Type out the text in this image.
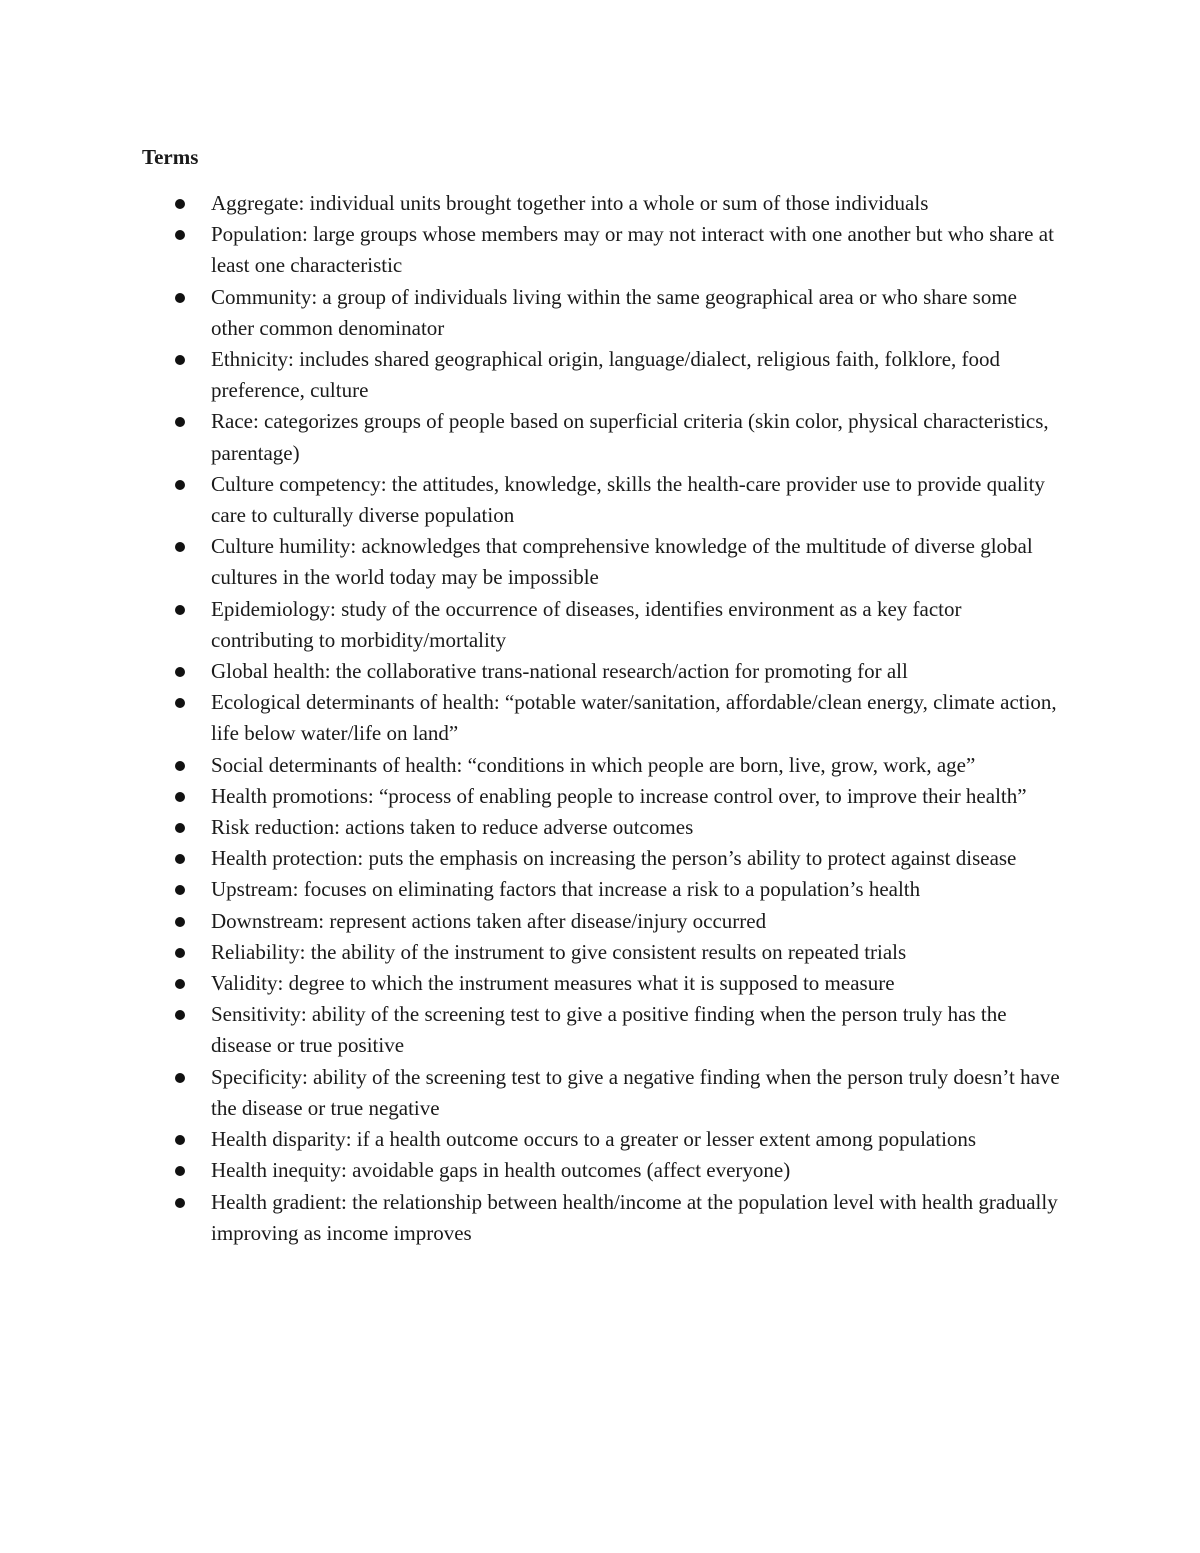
Terms
Aggregate: individual units brought together into a whole or sum of those individuals
Population: large groups whose members may or may not interact with one another but who share at least one characteristic
Community: a group of individuals living within the same geographical area or who share some other common denominator
Ethnicity: includes shared geographical origin, language/dialect, religious faith, folklore, food preference, culture
Race: categorizes groups of people based on superficial criteria (skin color, physical characteristics, parentage)
Culture competency: the attitudes, knowledge, skills the health-care provider use to provide quality care to culturally diverse population
Culture humility: acknowledges that comprehensive knowledge of the multitude of diverse global cultures in the world today may be impossible
Epidemiology: study of the occurrence of diseases, identifies environment as a key factor contributing to morbidity/mortality
Global health: the collaborative trans-national research/action for promoting for all
Ecological determinants of health: “potable water/sanitation, affordable/clean energy, climate action, life below water/life on land”
Social determinants of health: “conditions in which people are born, live, grow, work, age”
Health promotions: “process of enabling people to increase control over, to improve their health”
Risk reduction: actions taken to reduce adverse outcomes
Health protection: puts the emphasis on increasing the person’s ability to protect against disease
Upstream: focuses on eliminating factors that increase a risk to a population’s health
Downstream: represent actions taken after disease/injury occurred
Reliability: the ability of the instrument to give consistent results on repeated trials
Validity: degree to which the instrument measures what it is supposed to measure
Sensitivity: ability of the screening test to give a positive finding when the person truly has the disease or true positive
Specificity: ability of the screening test to give a negative finding when the person truly doesn’t have the disease or true negative
Health disparity: if a health outcome occurs to a greater or lesser extent among populations
Health inequity: avoidable gaps in health outcomes (affect everyone)
Health gradient: the relationship between health/income at the population level with health gradually improving as income improves
